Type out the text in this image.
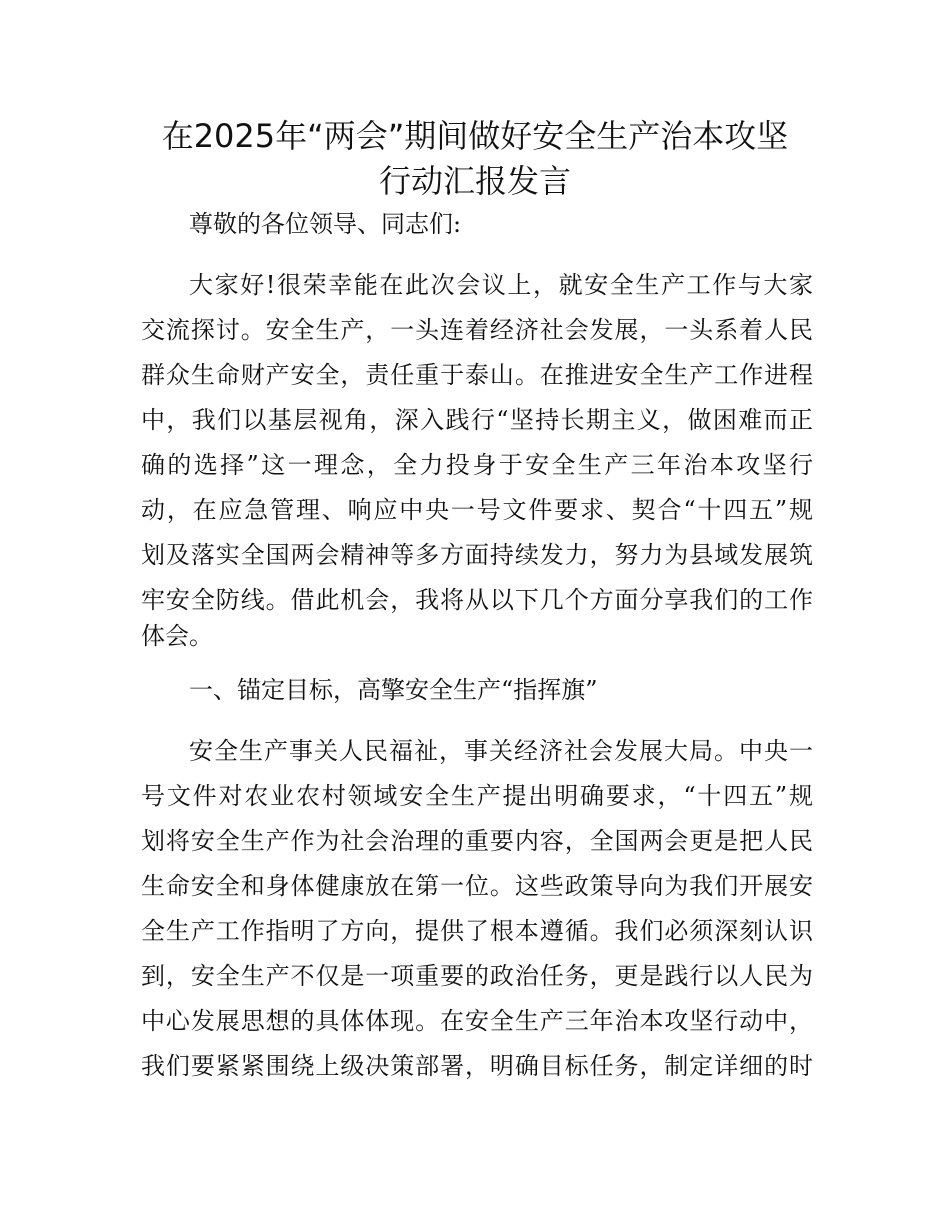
在2025年“两会”期间做好安全生产治本攻坚
行动汇报发言
尊敬的各位领导、同志们:
大家好!很荣幸能在此次会议上，就安全生产工作与大家
交流探讨。安全生产，一头连着经济社会发展，一头系着人民
群众生命财产安全，责任重于泰山。在推进安全生产工作进程
中，我们以基层视角，深入践行“坚持长期主义，做困难而正
确的选择”这一理念，全力投身于安全生产三年治本攻坚行
动，在应急管理、响应中央一号文件要求、契合“十四五”规
划及落实全国两会精神等多方面持续发力，努力为县域发展筑
牢安全防线。借此机会，我将从以下几个方面分享我们的工作
体会。
一、锚定目标，高擎安全生产“指挥旗”
安全生产事关人民福祉，事关经济社会发展大局。中央一
号文件对农业农村领域安全生产提出明确要求，“十四五”规
划将安全生产作为社会治理的重要内容，全国两会更是把人民
生命安全和身体健康放在第一位。这些政策导向为我们开展安
全生产工作指明了方向，提供了根本遵循。我们必须深刻认识
到，安全生产不仅是一项重要的政治任务，更是践行以人民为
中心发展思想的具体体现。在安全生产三年治本攻坚行动中，
我们要紧紧围绕上级决策部署，明确目标任务，制定详细的时
